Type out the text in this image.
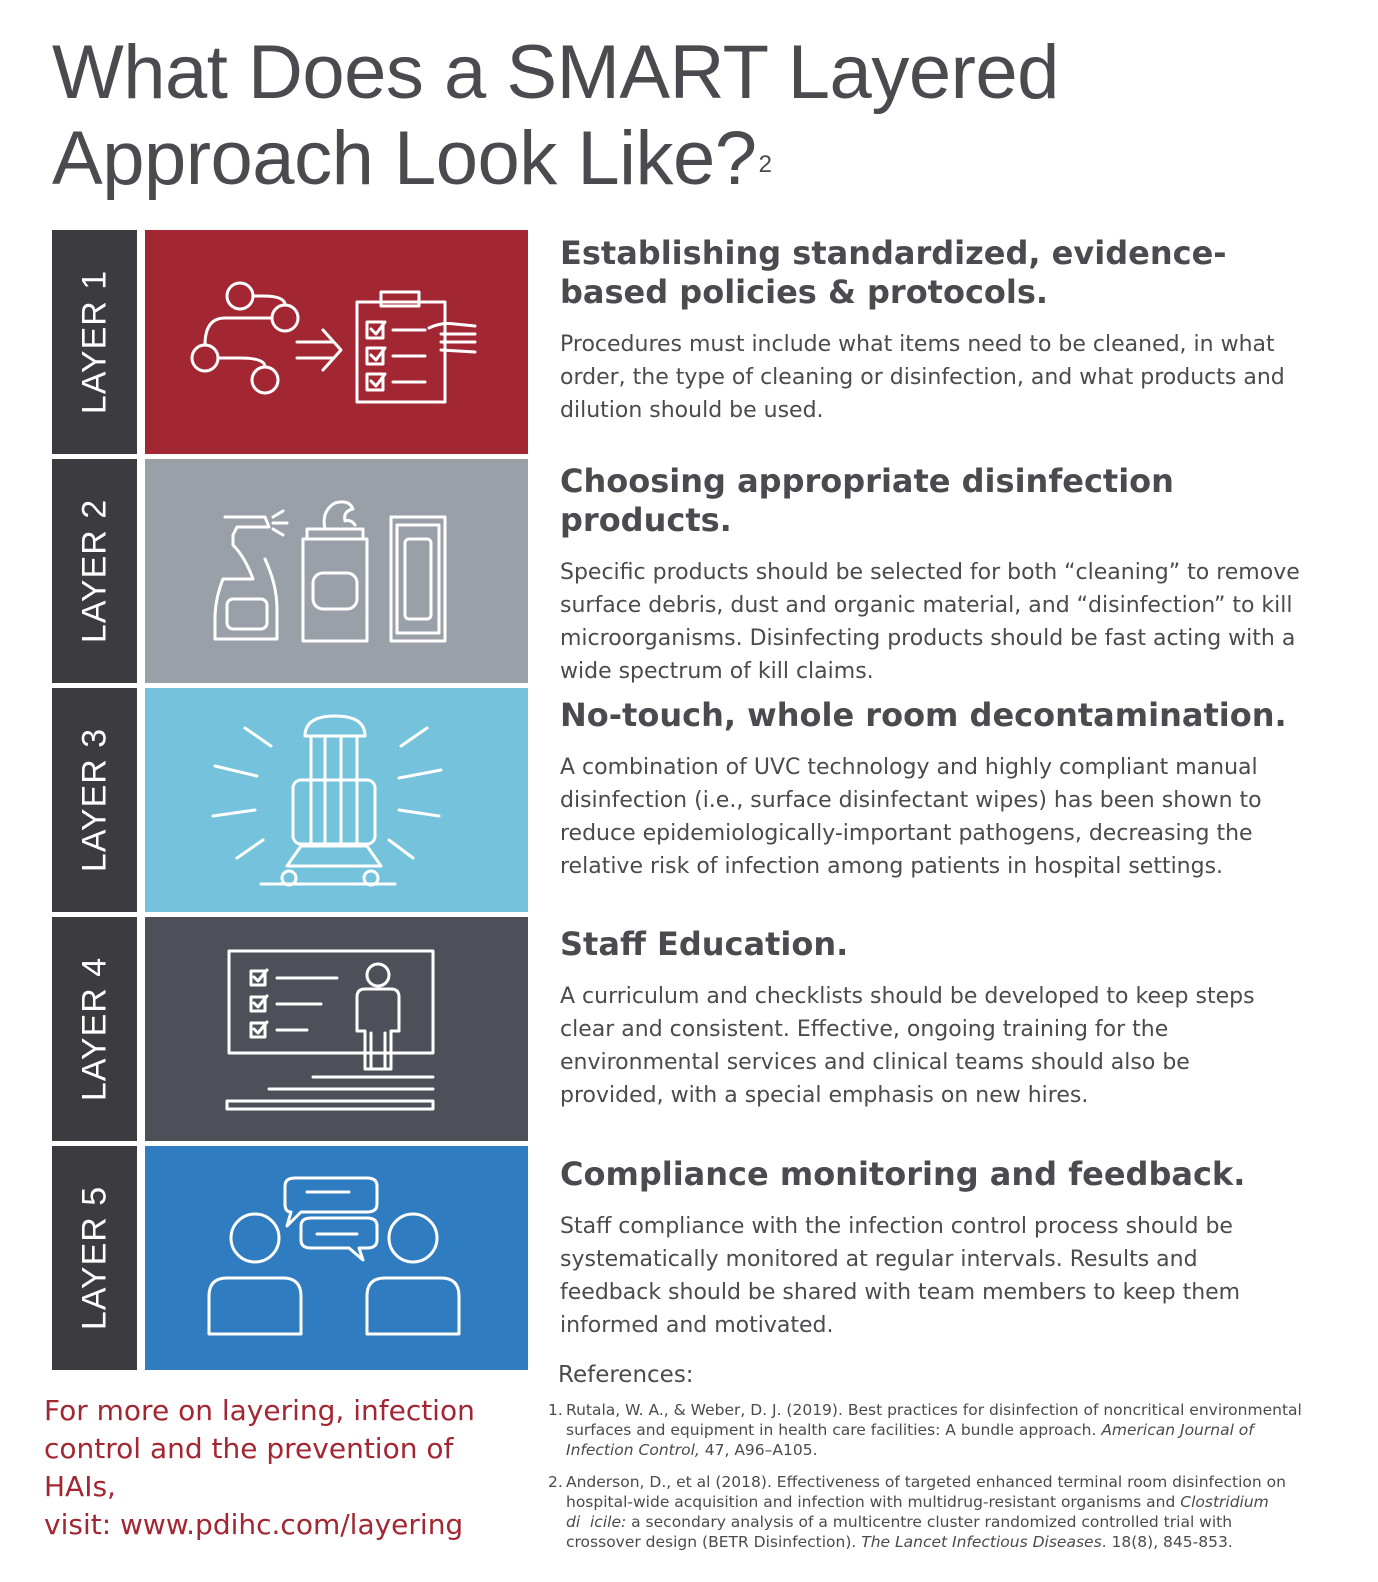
What Does a SMART Layered
Approach Look Like?$^2$
LAYER 1
Establishing standardized, evidence-based policies & protocols.

Procedures must include what items need to be cleaned, in what order, the type of cleaning or disinfection, and what products and dilution should be used.

LAYER 2
Choosing appropriate disinfection products.

Specific products should be selected for both “cleaning” to remove surface debris, dust and organic material, and “disinfection” to kill microorganisms. Disinfecting products should be fast acting with a wide spectrum of kill claims.

LAYER 3
No-touch, whole room decontamination.

A combination of UVC technology and highly compliant manual disinfection (i.e., surface disinfectant wipes) has been shown to reduce epidemiologically-important pathogens, decreasing the relative risk of infection among patients in hospital settings.

LAYER 4
Staff Education.

A curriculum and checklists should be developed to keep steps clear and consistent. Effective, ongoing training for the environmental services and clinical teams should also be provided, with a special emphasis on new hires.

LAYER 5
Compliance monitoring and feedback.

Staff compliance with the infection control process should be systematically monitored at regular intervals. Results and feedback should be shared with team members to keep them informed and motivated.

For more on layering, infection
control and the prevention of HAIs,
visit: www.pdihc.com/layering
References:
1. Rutala, W. A., & Weber, D. J. (2019). Best practices for disinfection of noncritical environmental surfaces and equipment in health care facilities: A bundle approach. American Journal of Infection Control, 47, A96–A105.
2. Anderson, D., et al (2018). Effectiveness of targeted enhanced terminal room disinfection on hospital-wide acquisition and infection with multidrug-resistant organisms and Clostridium di  icile: a secondary analysis of a multicentre cluster randomized controlled trial with crossover design (BETR Disinfection). The Lancet Infectious Diseases. 18(8), 845-853.
